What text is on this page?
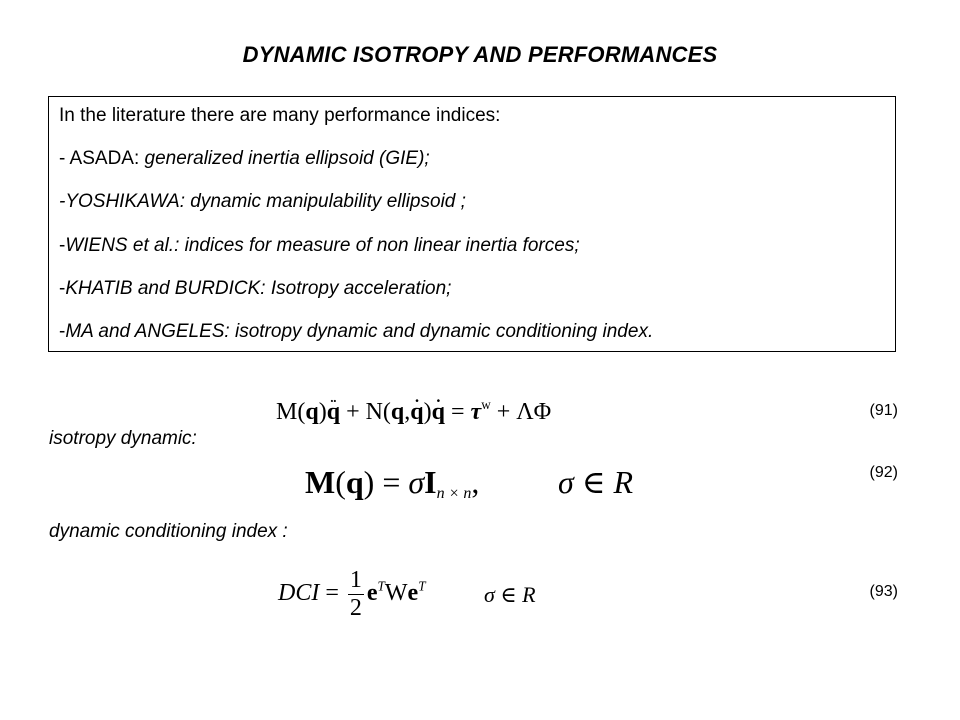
DYNAMIC ISOTROPY AND PERFORMANCES
In the literature there are many performance indices:
- ASADA: generalized inertia ellipsoid (GIE);
-YOSHIKAWA: dynamic manipulability ellipsoid ;
-WIENS et al.: indices for measure of non linear inertia forces;
-KHATIB and BURDICK: Isotropy acceleration;
-MA and ANGELES: isotropy dynamic and dynamic conditioning index.
M(q)q ¨ + N(q,q ˙)q ˙ = $\tau^w + \Lambda\Phi$	(91)
isotropy dynamic:
$M(q) = \sigma I_{n \times n}$, σ ∈ R	(92)
dynamic conditioning index :
DCI = $\frac{1}{2} e^TWe^T$	σ ∈ R	(93)
